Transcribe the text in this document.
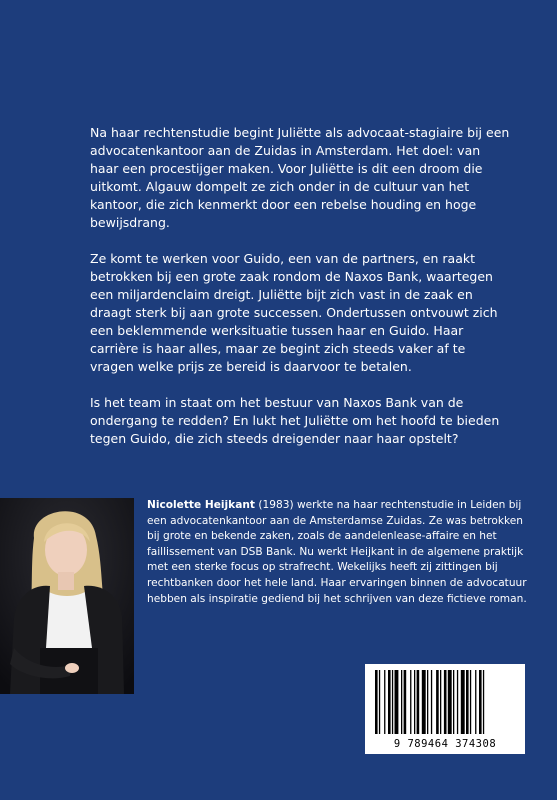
Na haar rechtenstudie begint Juliëtte als advocaat-stagiaire bij een advocatenkantoor aan de Zuidas in Amsterdam. Het doel: van haar een procestijger maken. Voor Juliëtte is dit een droom die uitkomt. Algauw dompelt ze zich onder in de cultuur van het kantoor, die zich kenmerkt door een rebelse houding en hoge bewijsdrang.

Ze komt te werken voor Guido, een van de partners, en raakt betrokken bij een grote zaak rondom de Naxos Bank, waartegen een miljardenclaim dreigt. Juliëtte bijt zich vast in de zaak en draagt sterk bij aan grote successen. Ondertussen ontvouwt zich een beklemmende werksituatie tussen haar en Guido. Haar carrière is haar alles, maar ze begint zich steeds vaker af te vragen welke prijs ze bereid is daarvoor te betalen.

Is het team in staat om het bestuur van Naxos Bank van de ondergang te redden? En lukt het Juliëtte om het hoofd te bieden tegen Guido, die zich steeds dreigender naar haar opstelt?

Nicolette Heijkant (1983) werkte na haar rechtenstudie in Leiden bij een advocatenkantoor aan de Amsterdamse Zuidas. Ze was betrokken bij grote en bekende zaken, zoals de aandelenlease-affaire en het faillissement van DSB Bank. Nu werkt Heijkant in de algemene praktijk met een sterke focus op strafrecht. Wekelijks heeft zij zittingen bij rechtbanken door het hele land. Haar ervaringen binnen de advocatuur hebben als inspiratie gediend bij het schrijven van deze fictieve roman.
9 789464 374308
